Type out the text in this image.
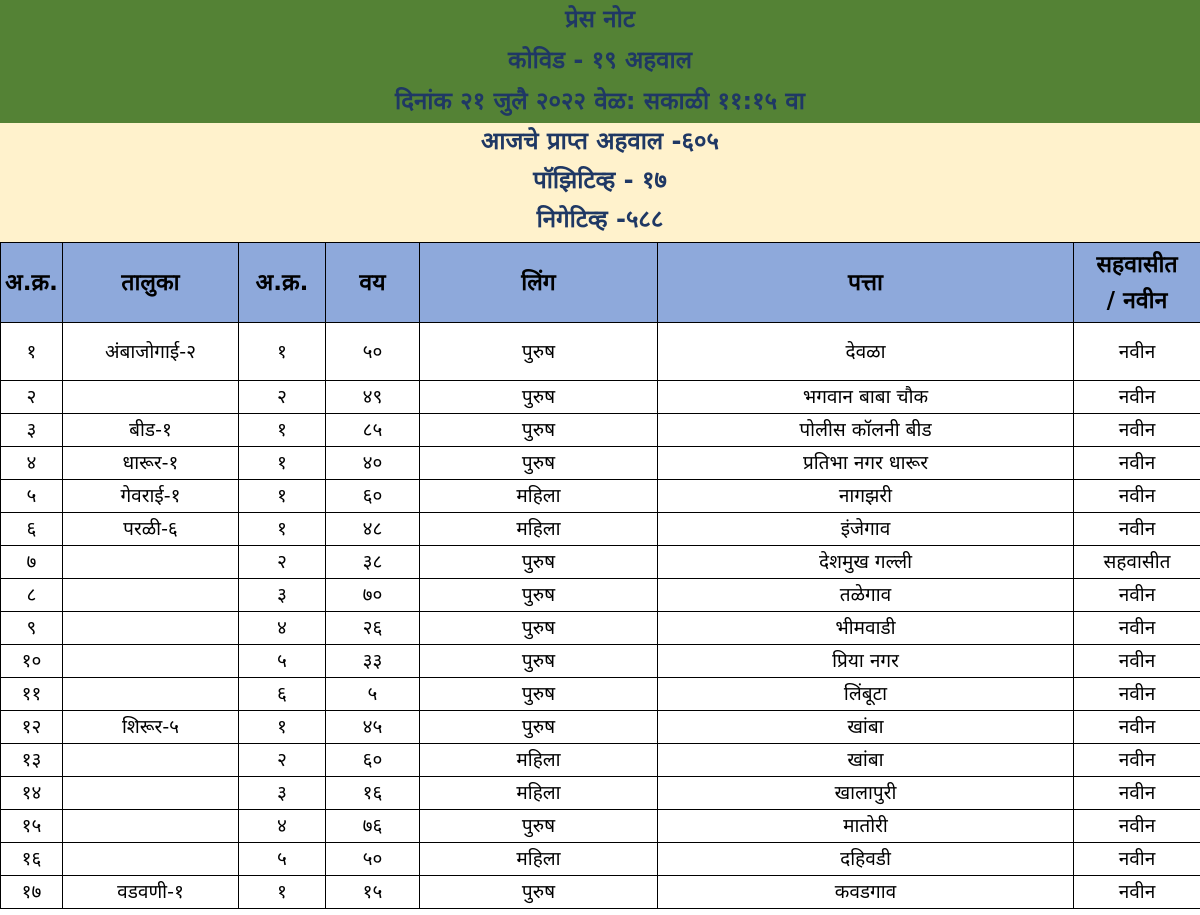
प्रेस नोट
कोविड - १९ अहवाल
दिनांक २१ जुलै २०२२ वेळ: सकाळी ११:१५ वा
आजचे प्राप्त अहवाल -६०५
पॉझिटिव्ह - १७
निगेटिव्ह -५८८
अ.क्र.	तालुका	अ.क्र.	वय	लिंग	पत्ता	सहवासीत
/ नवीन

१	अंबाजोगाई-२	१	५०	पुरुष	देवळा	नवीन
२		२	४९	पुरुष	भगवान बाबा चौक	नवीन
३	बीड-१	१	८५	पुरुष	पोलीस कॉलनी बीड	नवीन
४	धारूर-१	१	४०	पुरुष	प्रतिभा नगर धारूर	नवीन
५	गेवराई-१	१	६०	महिला	नागझरी	नवीन
६	परळी-६	१	४८	महिला	इंजेगाव	नवीन
७		२	३८	पुरुष	देशमुख गल्ली	सहवासीत
८		३	७०	पुरुष	तळेगाव	नवीन
९		४	२६	पुरुष	भीमवाडी	नवीन
१०		५	३३	पुरुष	प्रिया नगर	नवीन
११		६	५	पुरुष	लिंबूटा	नवीन
१२	शिरूर-५	१	४५	पुरुष	खांबा	नवीन
१३		२	६०	महिला	खांबा	नवीन
१४		३	१६	महिला	खालापुरी	नवीन
१५		४	७६	पुरुष	मातोरी	नवीन
१६		५	५०	महिला	दहिवडी	नवीन
१७	वडवणी-१	१	१५	पुरुष	कवडगाव	नवीन
